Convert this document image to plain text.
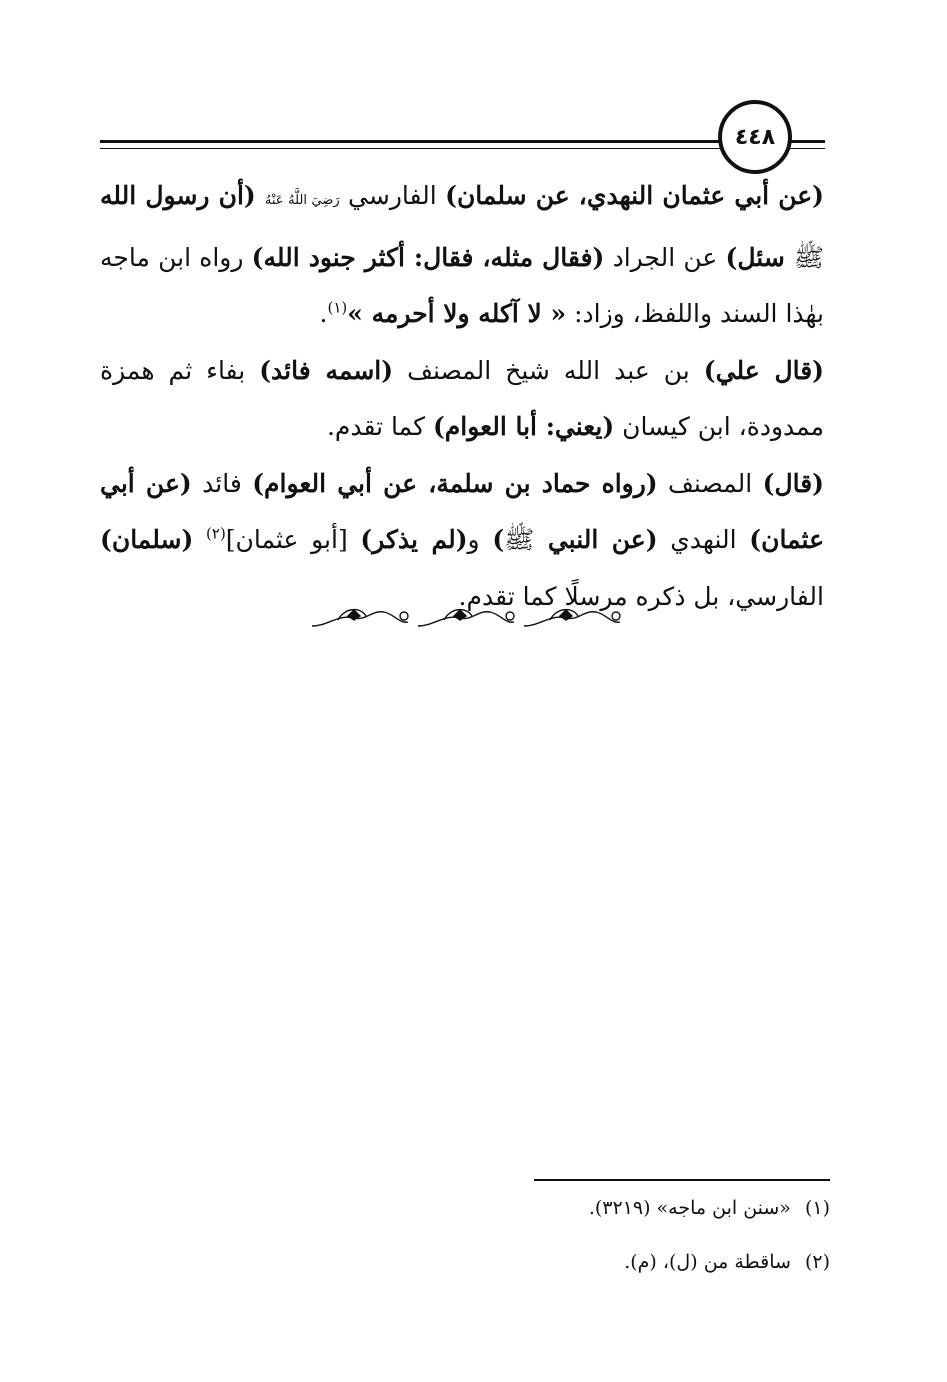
٤٤٨

(عن أبي عثمان النهدي، عن سلمان) الفارسي رَضِيَ اللَّهُ عَنْهُ (أن رسول الله ﷺ سئل) عن الجراد (فقال مثله، فقال: أكثر جنود الله) رواه ابن ماجه بهٰذا السند واللفظ، وزاد: « لا آكله ولا أحرمه »$^{(١)}$.

(قال علي) بن عبد الله شيخ المصنف (اسمه فائد) بفاء ثم همزة ممدودة، ابن كيسان (يعني: أبا العوام) كما تقدم.

(قال) المصنف (رواه حماد بن سلمة، عن أبي العوام) فائد (عن أبي عثمان) النهدي (عن النبي ﷺ) و(لم يذكر) [أبو عثمان]$^{(٢)}$ (سلمان) الفارسي، بل ذكره مرسلًا كما تقدم.

(١)«سنن ابن ماجه» (٣٢١٩).
(٢)ساقطة من (ل)، (م).
